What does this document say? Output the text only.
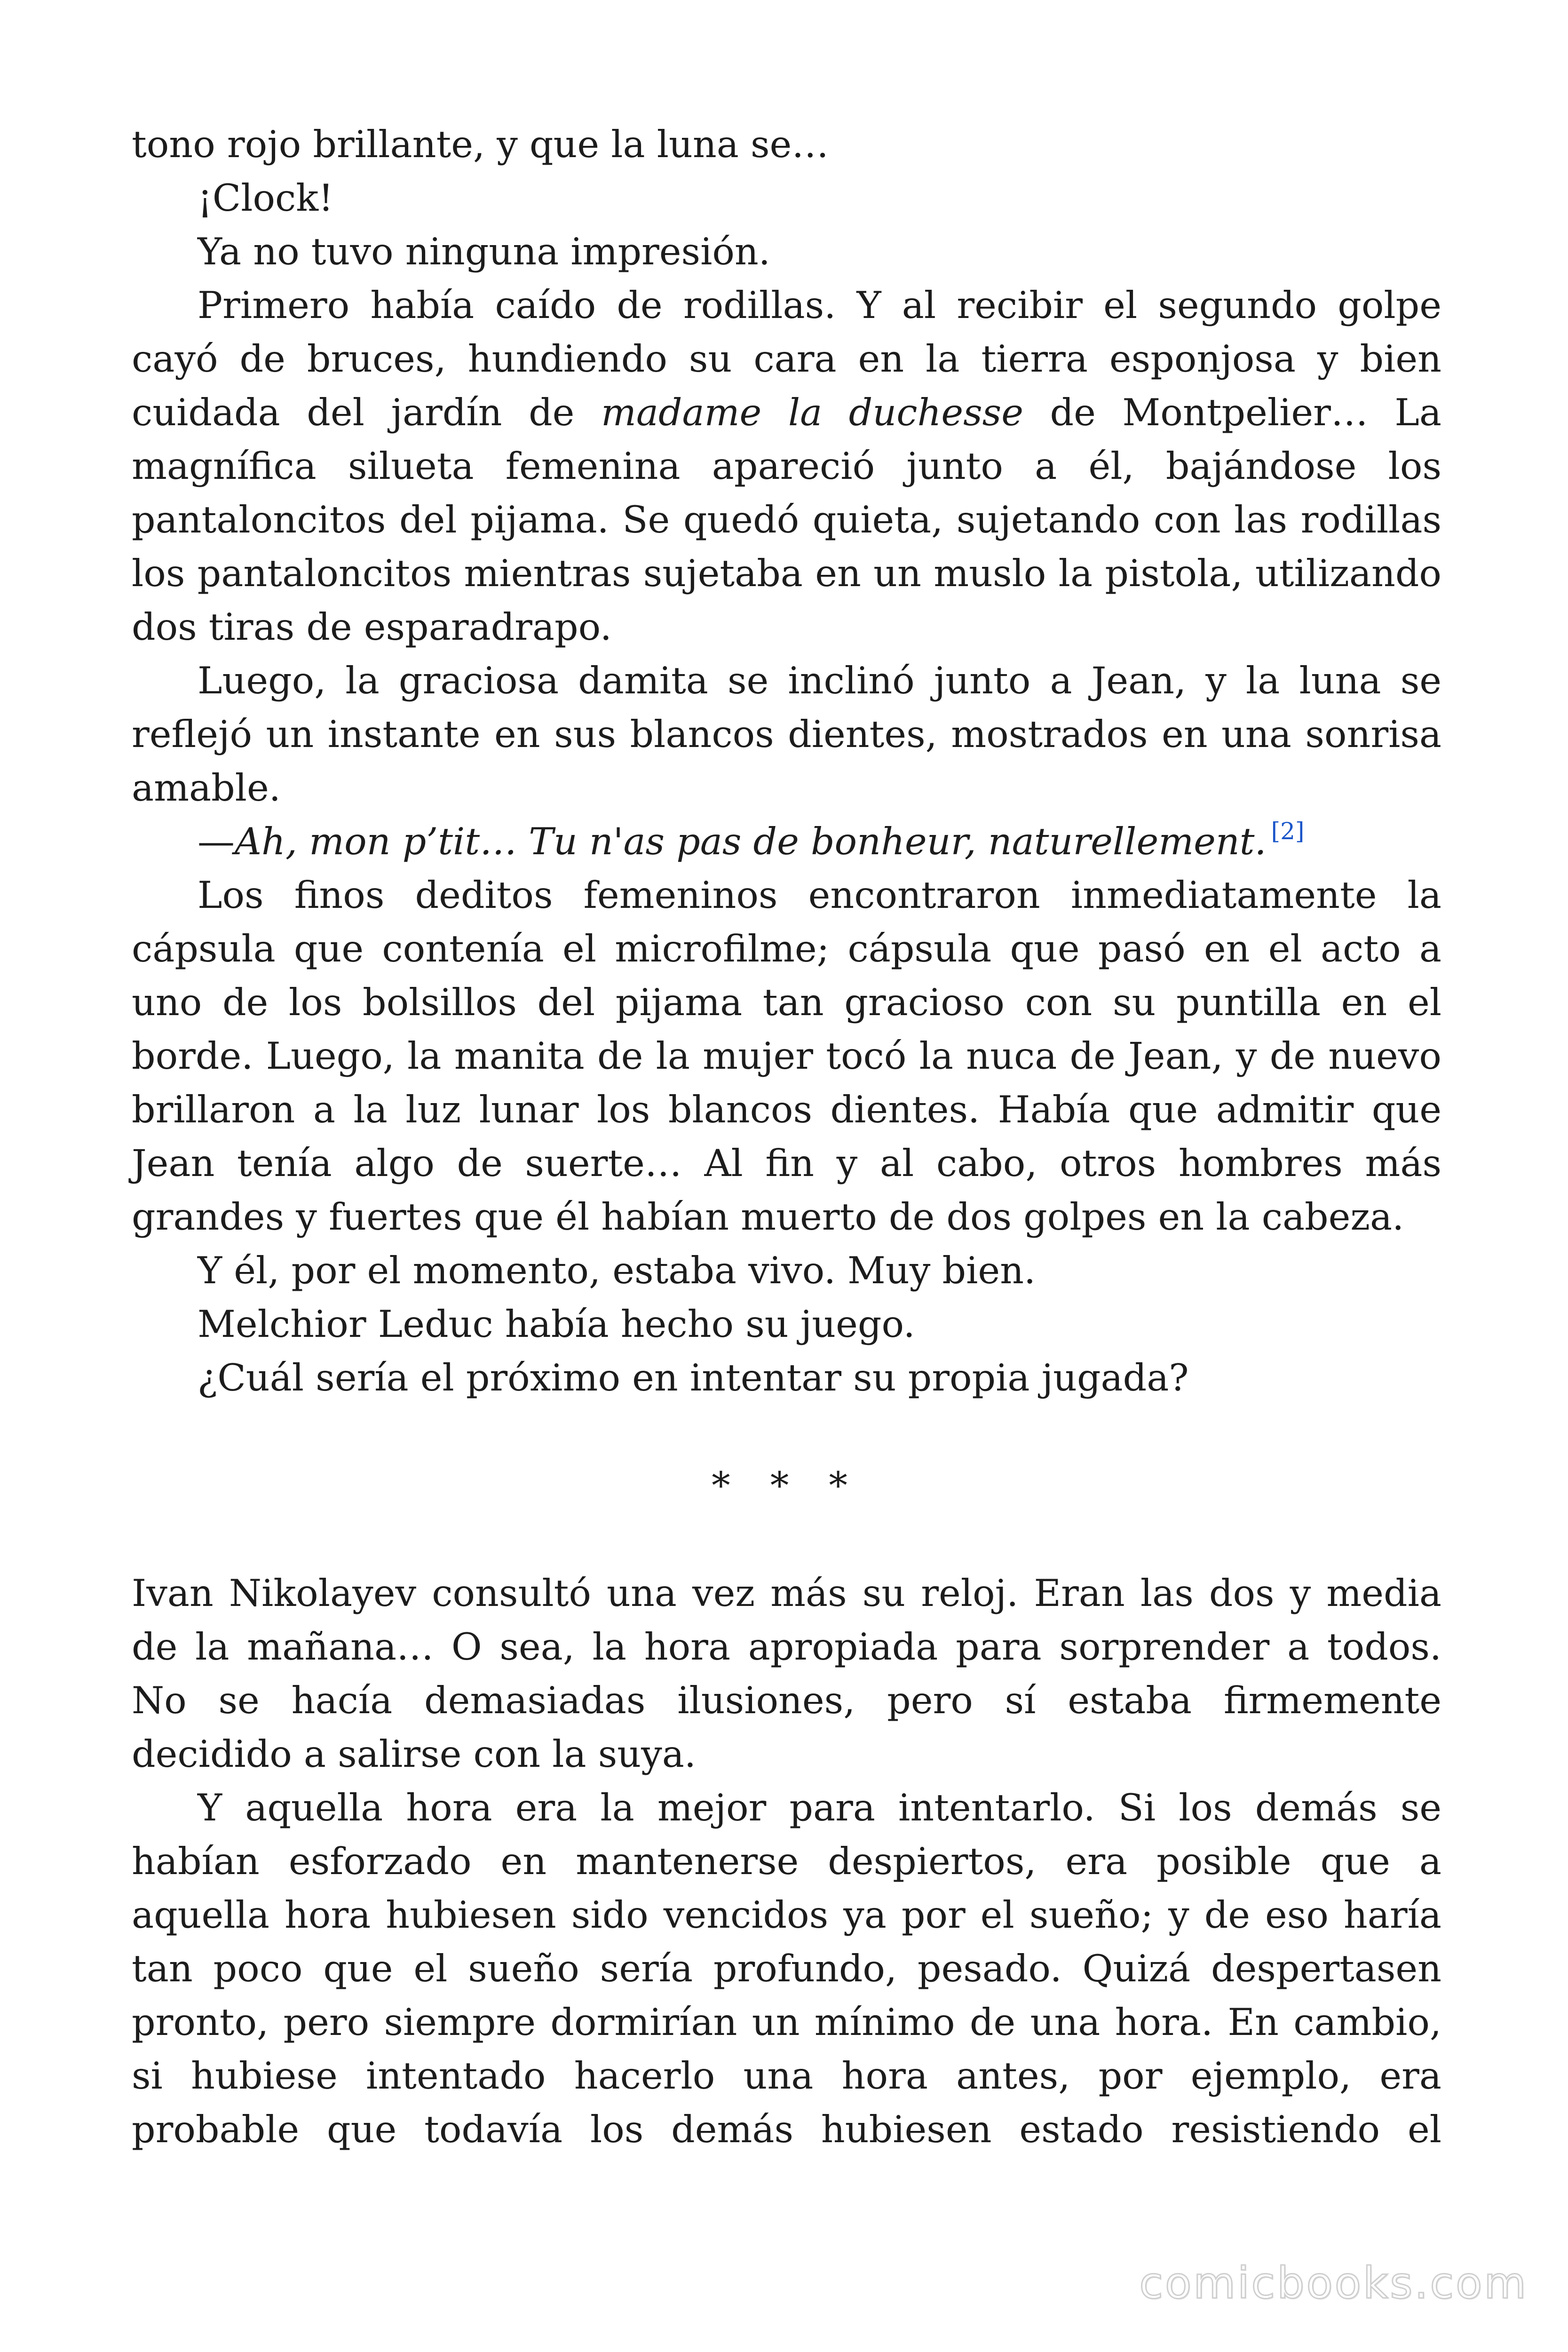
tono rojo brillante, y que la luna se…

¡Clock!

Ya no tuvo ninguna impresión.

Primero había caído de rodillas. Y al recibir el segundo golpe cayó de bruces, hundiendo su cara en la tierra esponjosa y bien cuidada del jardín de madame la duchesse de Montpelier… La magnífica silueta femenina apareció junto a él, bajándose los pantaloncitos del pijama. Se quedó quieta, sujetando con las rodillas los pantaloncitos mientras sujetaba en un muslo la pistola, utilizando dos tiras de esparadrapo.

Luego, la graciosa damita se inclinó junto a Jean, y la luna se reflejó un instante en sus blancos dientes, mostrados en una sonrisa amable.

—Ah, mon p’tit… Tu n'as pas de bonheur, naturellement. [2]

Los finos deditos femeninos encontraron inmediatamente la cápsula que contenía el microfilme; cápsula que pasó en el acto a uno de los bolsillos del pijama tan gracioso con su puntilla en el borde. Luego, la manita de la mujer tocó la nuca de Jean, y de nuevo brillaron a la luz lunar los blancos dientes. Había que admitir que Jean tenía algo de suerte… Al fin y al cabo, otros hombres más grandes y fuertes que él habían muerto de dos golpes en la cabeza.

Y él, por el momento, estaba vivo. Muy bien.

Melchior Leduc había hecho su juego.

¿Cuál sería el próximo en intentar su propia jugada?

* * *

Ivan Nikolayev consultó una vez más su reloj. Eran las dos y media de la mañana… O sea, la hora apropiada para sorprender a todos. No se hacía demasiadas ilusiones, pero sí estaba firmemente decidido a salirse con la suya.

Y aquella hora era la mejor para intentarlo. Si los demás se habían esforzado en mantenerse despiertos, era posible que a aquella hora hubiesen sido vencidos ya por el sueño; y de eso haría tan poco que el sueño sería profundo, pesado. Quizá despertasen pronto, pero siempre dormirían un mínimo de una hora. En cambio, si hubiese intentado hacerlo una hora antes, por ejemplo, era probable que todavía los demás hubiesen estado resistiendo el

comicbooks.com
